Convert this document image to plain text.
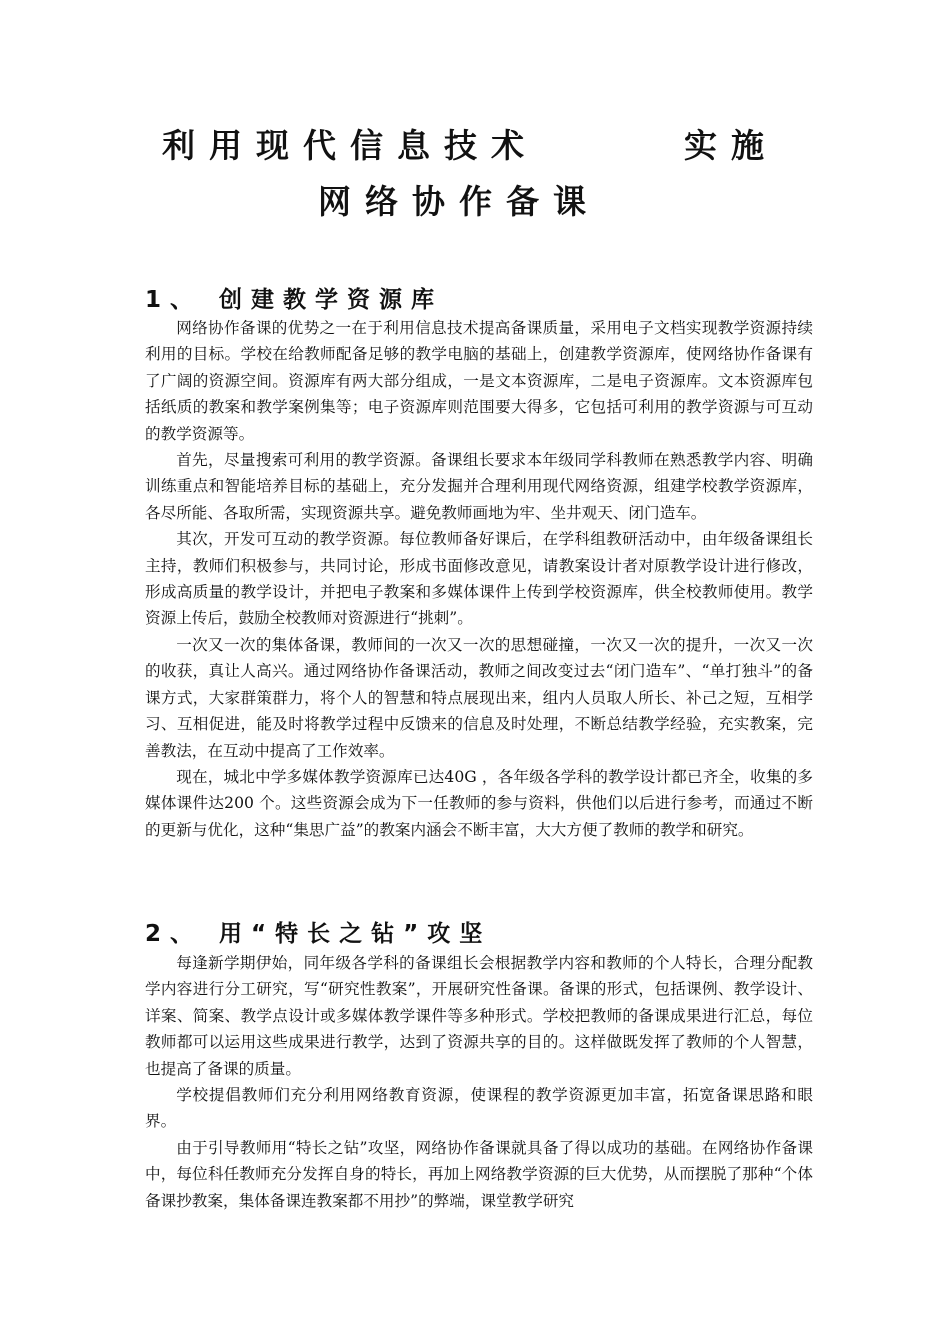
利用现代信息技术	实施
网络协作备课
1、 创建教学资源库

网络协作备课的优势之一在于利用信息技术提高备课质量，采用电子文档实现教学资源持续利用的目标。学校在给教师配备足够的教学电脑的基础上，创建教学资源库，使网络协作备课有了广阔的资源空间。资源库有两大部分组成，一是文本资源库，二是电子资源库。文本资源库包括纸质的教案和教学案例集等；电子资源库则范围要大得多，它包括可利用的教学资源与可互动的教学资源等。

首先，尽量搜索可利用的教学资源。备课组长要求本年级同学科教师在熟悉教学内容、明确训练重点和智能培养目标的基础上，充分发掘并合理利用现代网络资源，组建学校教学资源库，各尽所能、各取所需，实现资源共享。避免教师画地为牢、坐井观天、闭门造车。

其次，开发可互动的教学资源。每位教师备好课后，在学科组教研活动中，由年级备课组长主持，教师们积极参与，共同讨论，形成书面修改意见，请教案设计者对原教学设计进行修改，形成高质量的教学设计，并把电子教案和多媒体课件上传到学校资源库，供全校教师使用。教学资源上传后，鼓励全校教师对资源进行“挑刺”。

一次又一次的集体备课，教师间的一次又一次的思想碰撞，一次又一次的提升，一次又一次的收获，真让人高兴。通过网络协作备课活动，教师之间改变过去“闭门造车”、“单打独斗”的备课方式，大家群策群力，将个人的智慧和特点展现出来，组内人员取人所长、补己之短，互相学习、互相促进，能及时将教学过程中反馈来的信息及时处理，不断总结教学经验，充实教案，完善教法，在互动中提高了工作效率。

现在，城北中学多媒体教学资源库已达40G ，各年级各学科的教学设计都已齐全，收集的多媒体课件达200 个。这些资源会成为下一任教师的参与资料，供他们以后进行参考，而通过不断的更新与优化，这种“集思广益”的教案内涵会不断丰富，大大方便了教师的教学和研究。

2、 用“特长之钻”攻坚

每逢新学期伊始，同年级各学科的备课组长会根据教学内容和教师的个人特长，合理分配教学内容进行分工研究，写“研究性教案”，开展研究性备课。备课的形式，包括课例、教学设计、详案、简案、教学点设计或多媒体教学课件等多种形式。学校把教师的备课成果进行汇总，每位教师都可以运用这些成果进行教学，达到了资源共享的目的。这样做既发挥了教师的个人智慧，也提高了备课的质量。

学校提倡教师们充分利用网络教育资源，使课程的教学资源更加丰富，拓宽备课思路和眼界。

由于引导教师用“特长之钻”攻坚，网络协作备课就具备了得以成功的基础。在网络协作备课中，每位科任教师充分发挥自身的特长，再加上网络教学资源的巨大优势，从而摆脱了那种“个体备课抄教案，集体备课连教案都不用抄”的弊端，课堂教学研究
